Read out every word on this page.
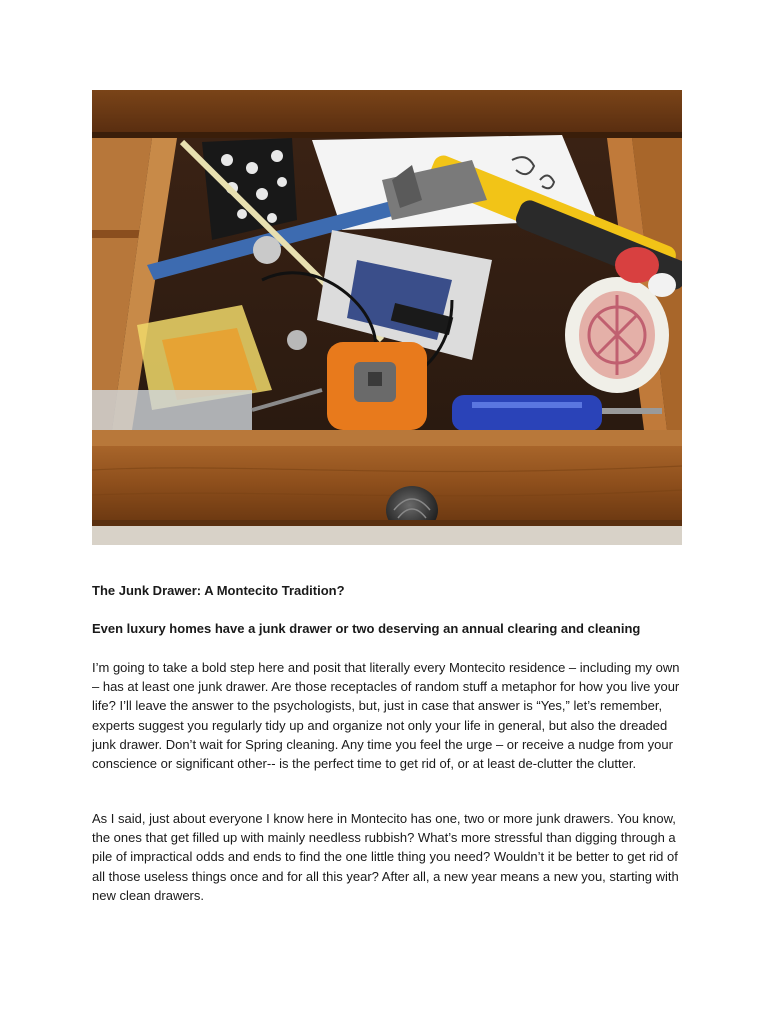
The Junk Drawer: A Montecito Tradition?

Even luxury homes have a junk drawer or two deserving an annual clearing and cleaning

I’m going to take a bold step here and posit that literally every Montecito residence – including my own – has at least one junk drawer. Are those receptacles of random stuff a metaphor for how you live your life? I’ll leave the answer to the psychologists, but, just in case that answer is “Yes,” let’s remember, experts suggest you regularly tidy up and organize not only your life in general, but also the dreaded junk drawer. Don’t wait for Spring cleaning. Any time you feel the urge – or receive a nudge from your conscience or significant other-- is the perfect time to get rid of, or at least de-clutter the clutter.

As I said, just about everyone I know here in Montecito has one, two or more junk drawers. You know, the ones that get filled up with mainly needless rubbish? What’s more stressful than digging through a pile of impractical odds and ends to find the one little thing you need? Wouldn’t it be better to get rid of all those useless things once and for all this year? After all, a new year means a new you, starting with new clean drawers.
